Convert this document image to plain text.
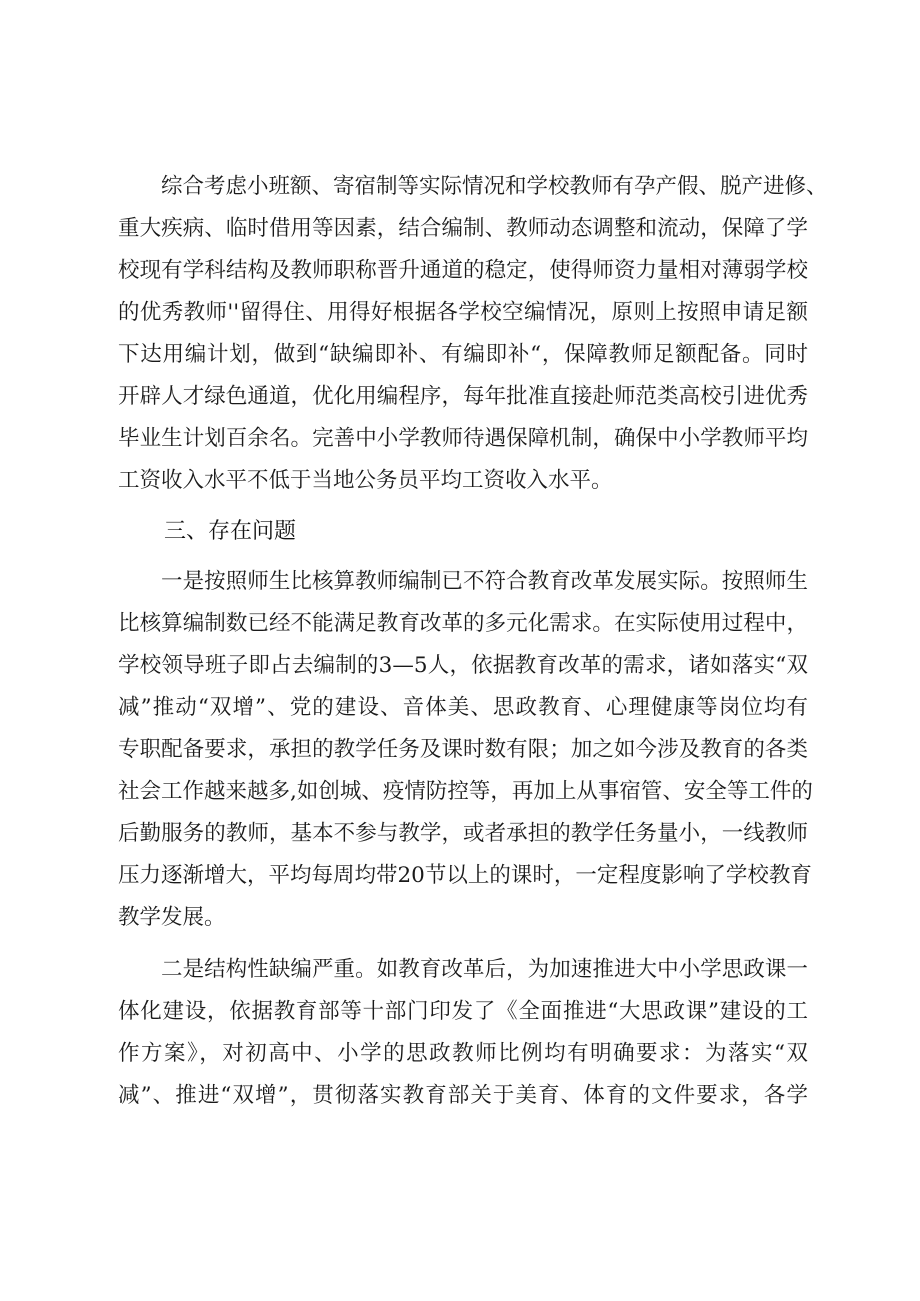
综合考虑小班额、寄宿制等实际情况和学校教师有孕产假、脱产进修、
重大疾病、临时借用等因素，结合编制、教师动态调整和流动，保障了学
校现有学科结构及教师职称晋升通道的稳定，使得师资力量相对薄弱学校
的优秀教师''留得住、用得好根据各学校空编情况，原则上按照申请足额
下达用编计划，做到“缺编即补、有编即补“，保障教师足额配备。同时
开辟人才绿色通道，优化用编程序，每年批准直接赴师范类高校引进优秀
毕业生计划百余名。完善中小学教师待遇保障机制，确保中小学教师平均
工资收入水平不低于当地公务员平均工资收入水平。
三、存在问题
一是按照师生比核算教师编制已不符合教育改革发展实际。按照师生
比核算编制数已经不能满足教育改革的多元化需求。在实际使用过程中，
学校领导班子即占去编制的3—5人，依据教育改革的需求，诸如落实“双
减”推动“双增”、党的建设、音体美、思政教育、心理健康等岗位均有
专职配备要求，承担的教学任务及课时数有限；加之如今涉及教育的各类
社会工作越来越多,如创城、疫情防控等，再加上从事宿管、安全等工件的
后勤服务的教师，基本不参与教学，或者承担的教学任务量小，一线教师
压力逐渐增大，平均每周均带20节以上的课时，一定程度影响了学校教育
教学发展。
二是结构性缺编严重。如教育改革后，为加速推进大中小学思政课一
体化建设，依据教育部等十部门印发了《全面推进“大思政课”建设的工
作方案》，对初高中、小学的思政教师比例均有明确要求：为落实“双
减”、推进“双增”，贯彻落实教育部关于美育、体育的文件要求，各学
